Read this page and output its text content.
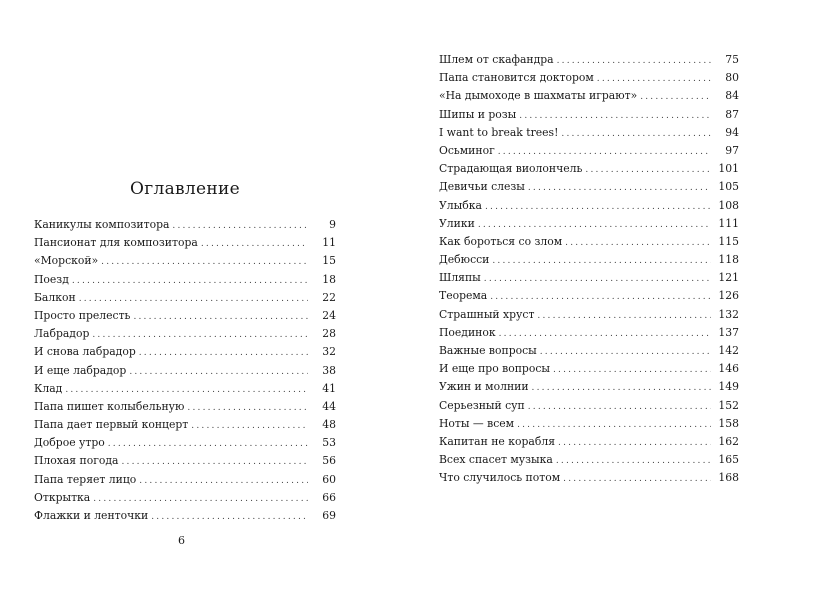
Оглавление
Каникулы композитора .....	9
Пансионат для композитора .....	11
«Морской» .....	15
Поезд .....	18
Балкон .....	22
Просто прелесть .....	24
Лабрадор .....	28
И снова лабрадор .....	32
И еще лабрадор .....	38
Клад .....	41
Папа пишет колыбельную .....	44
Папа дает первый концерт .....	48
Доброе утро .....	53
Плохая погода .....	56
Папа теряет лицо .....	60
Открытка .....	66
Флажки и ленточки .....	69
Шлем от скафандра .....	75
Папа становится доктором .....	80
«На дымоходе в шахматы играют» .....	84
Шипы и розы .....	87
I want to break trees! .....	94
Осьминог .....	97
Страдающая виолончель .....	101
Девичьи слезы .....	105
Улыбка .....	108
Улики .....	111
Как бороться со злом .....	115
Дебюсси .....	118
Шляпы .....	121
Теорема .....	126
Страшный хруст .....	132
Поединок .....	137
Важные вопросы .....	142
И еще про вопросы .....	146
Ужин и молнии .....	149
Серьезный суп .....	152
Ноты — всем .....	158
Капитан не корабля .....	162
Всех спасет музыка .....	165
Что случилось потом .....	168
6
